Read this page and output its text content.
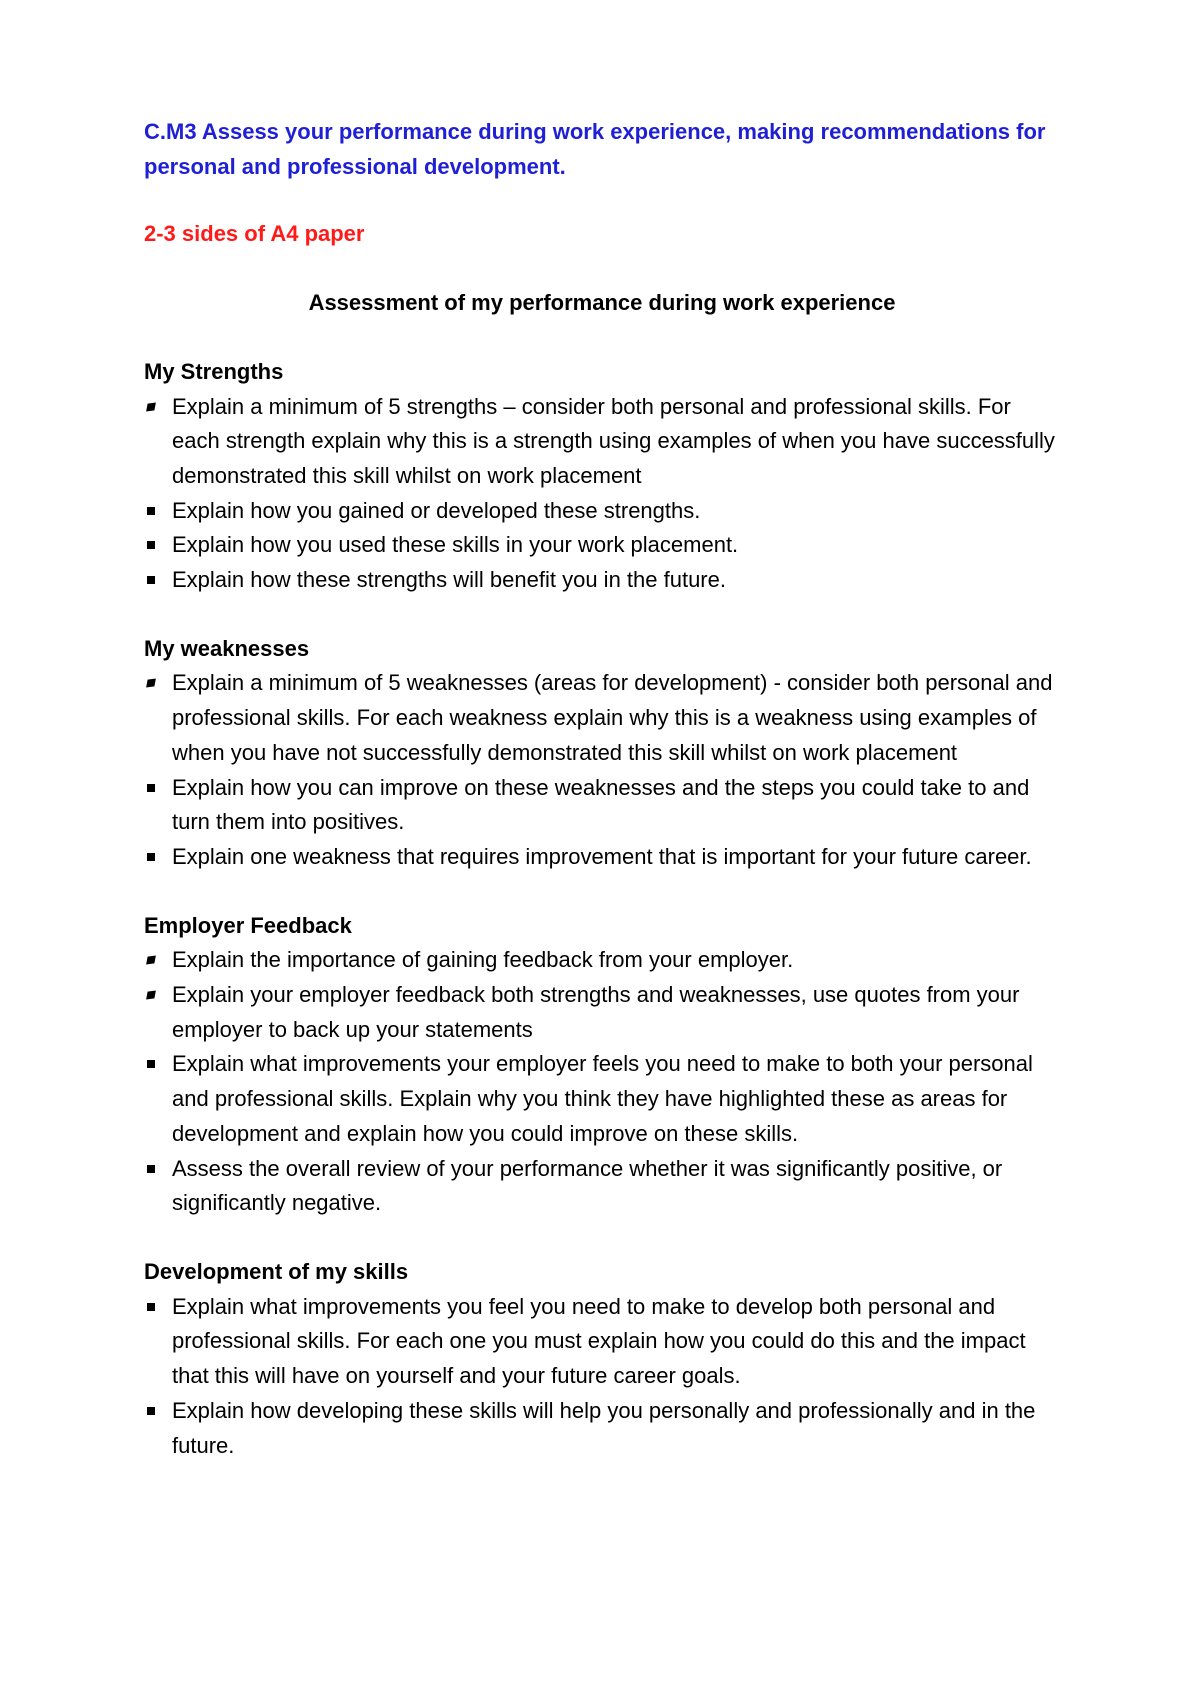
C.M3 Assess your performance during work experience, making recommendations for personal and professional development.

2-3 sides of A4 paper

Assessment of my performance during work experience

My Strengths

Explain a minimum of 5 strengths – consider both personal and professional skills. For each strength explain why this is a strength using examples of when you have successfully demonstrated this skill whilst on work placement
Explain how you gained or developed these strengths.
Explain how you used these skills in your work placement.
Explain how these strengths will benefit you in the future.

My weaknesses

Explain a minimum of 5 weaknesses (areas for development) - consider both personal and professional skills. For each weakness explain why this is a weakness using examples of when you have not successfully demonstrated this skill whilst on work placement
Explain how you can improve on these weaknesses and the steps you could take to and turn them into positives.
Explain one weakness that requires improvement that is important for your future career.

Employer Feedback

Explain the importance of gaining feedback from your employer.
Explain your employer feedback both strengths and weaknesses, use quotes from your employer to back up your statements
Explain what improvements your employer feels you need to make to both your personal and professional skills. Explain why you think they have highlighted these as areas for development and explain how you could improve on these skills.
Assess the overall review of your performance whether it was significantly positive, or significantly negative.

Development of my skills

Explain what improvements you feel you need to make to develop both personal and professional skills. For each one you must explain how you could do this and the impact that this will have on yourself and your future career goals.
Explain how developing these skills will help you personally and professionally and in the future.
